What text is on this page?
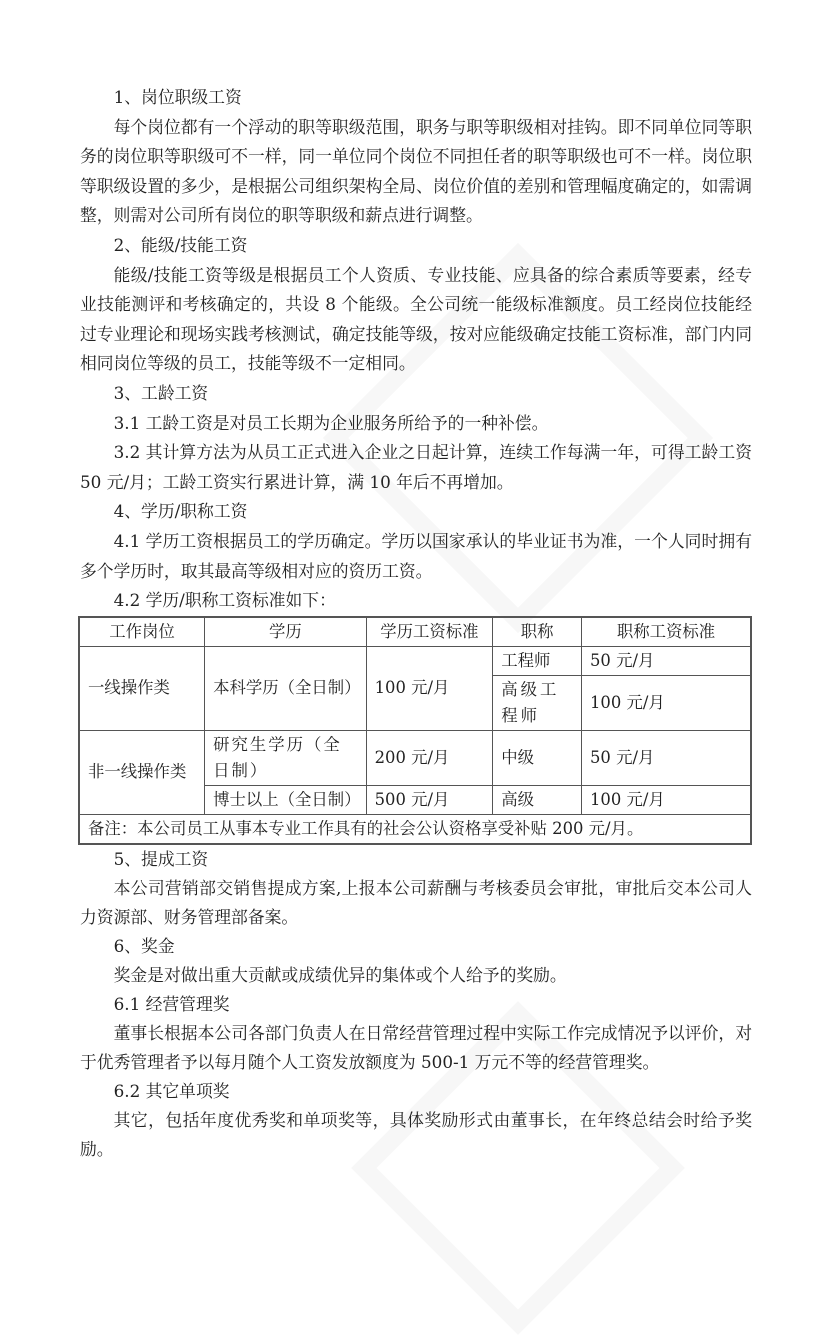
1、岗位职级工资

每个岗位都有一个浮动的职等职级范围，职务与职等职级相对挂钩。即不同单位同等职务的岗位职等职级可不一样，同一单位同个岗位不同担任者的职等职级也可不一样。岗位职等职级设置的多少，是根据公司组织架构全局、岗位价值的差别和管理幅度确定的，如需调整，则需对公司所有岗位的职等职级和薪点进行调整。

2、能级/技能工资

能级/技能工资等级是根据员工个人资质、专业技能、应具备的综合素质等要素，经专业技能测评和考核确定的，共设 8 个能级。全公司统一能级标准额度。员工经岗位技能经过专业理论和现场实践考核测试，确定技能等级，按对应能级确定技能工资标准，部门内同相同岗位等级的员工，技能等级不一定相同。

3、工龄工资

3.1 工龄工资是对员工长期为企业服务所给予的一种补偿。

3.2 其计算方法为从员工正式进入企业之日起计算，连续工作每满一年，可得工龄工资 50 元/月；工龄工资实行累进计算，满 10 年后不再增加。

4、学历/职称工资

4.1 学历工资根据员工的学历确定。学历以国家承认的毕业证书为准，一个人同时拥有多个学历时，取其最高等级相对应的资历工资。

4.2 学历/职称工资标准如下：

工作岗位	学历	学历工资标准	职称	职称工资标准
一线操作类	本科学历（全日制）	100 元/月	工程师	50 元/月
			高级工程师	100 元/月
非一线操作类	研究生学历（全日制）	200 元/月	中级	50 元/月
	博士以上（全日制）	500 元/月	高级	100 元/月
备注：本公司员工从事本专业工作具有的社会公认资格享受补贴 200 元/月。				

5、提成工资

本公司营销部交销售提成方案,上报本公司薪酬与考核委员会审批，审批后交本公司人力资源部、财务管理部备案。

6、奖金

奖金是对做出重大贡献或成绩优异的集体或个人给予的奖励。

6.1 经营管理奖

董事长根据本公司各部门负责人在日常经营管理过程中实际工作完成情况予以评价，对于优秀管理者予以每月随个人工资发放额度为 500-1 万元不等的经营管理奖。

6.2 其它单项奖

其它，包括年度优秀奖和单项奖等，具体奖励形式由董事长，在年终总结会时给予奖励。
